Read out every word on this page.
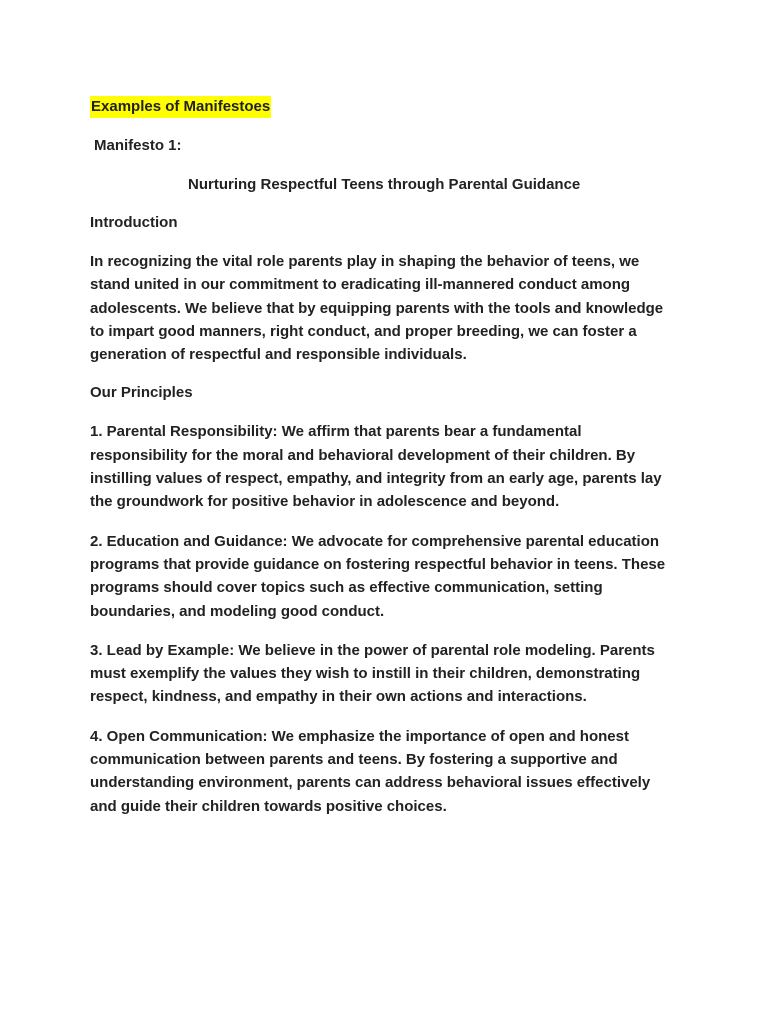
Examples of Manifestoes

Manifesto 1:

Nurturing Respectful Teens through Parental Guidance

Introduction

In recognizing the vital role parents play in shaping the behavior of teens, we stand united in our commitment to eradicating ill-mannered conduct among adolescents. We believe that by equipping parents with the tools and knowledge to impart good manners, right conduct, and proper breeding, we can foster a generation of respectful and responsible individuals.

Our Principles

1. Parental Responsibility: We affirm that parents bear a fundamental responsibility for the moral and behavioral development of their children. By instilling values of respect, empathy, and integrity from an early age, parents lay the groundwork for positive behavior in adolescence and beyond.

2. Education and Guidance: We advocate for comprehensive parental education programs that provide guidance on fostering respectful behavior in teens. These programs should cover topics such as effective communication, setting boundaries, and modeling good conduct.

3. Lead by Example: We believe in the power of parental role modeling. Parents must exemplify the values they wish to instill in their children, demonstrating respect, kindness, and empathy in their own actions and interactions.

4. Open Communication: We emphasize the importance of open and honest communication between parents and teens. By fostering a supportive and understanding environment, parents can address behavioral issues effectively and guide their children towards positive choices.
